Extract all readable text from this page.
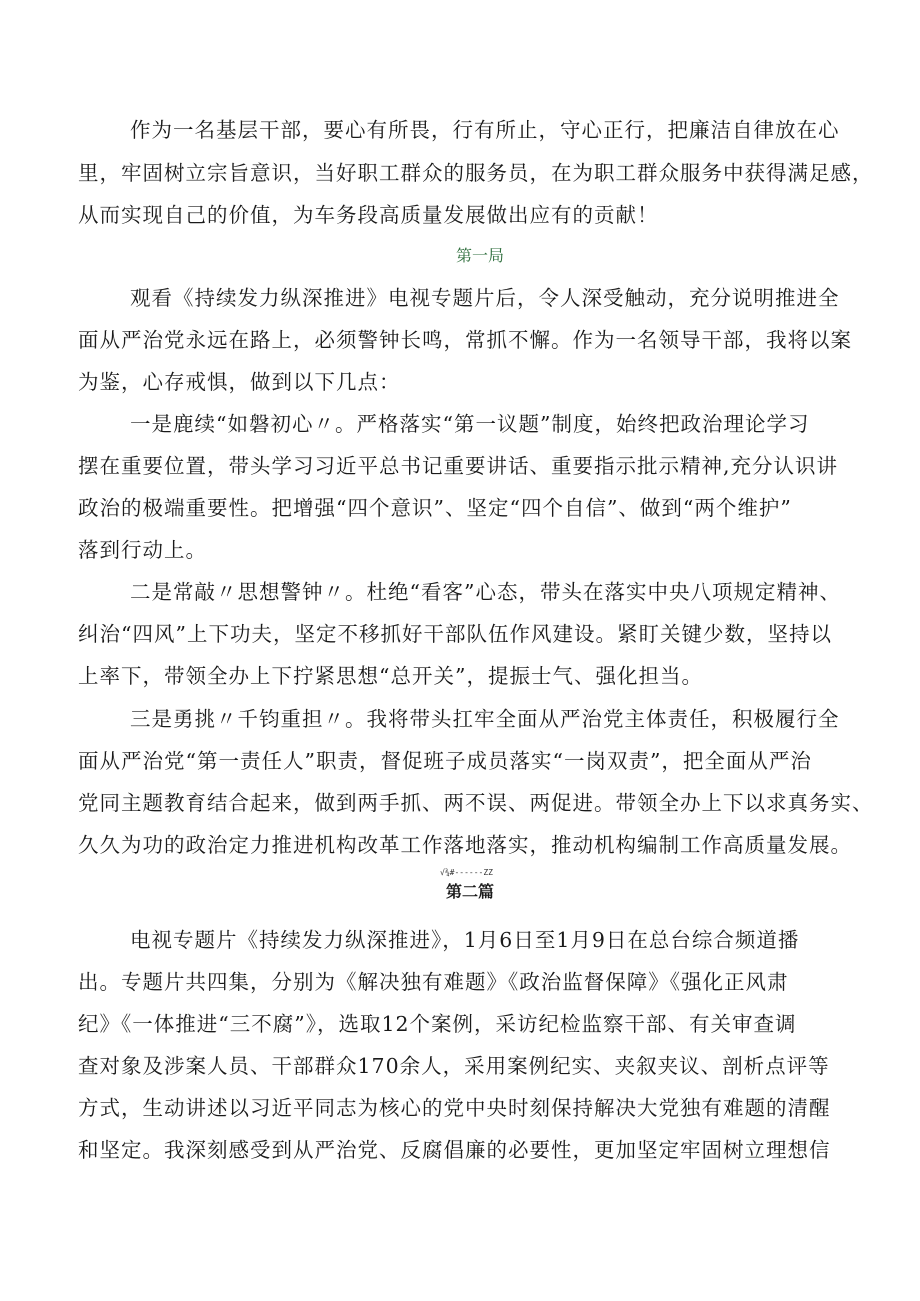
作为一名基层干部，要心有所畏，行有所止，守心正行，把廉洁自律放在心
里，牢固树立宗旨意识，当好职工群众的服务员，在为职工群众服务中获得满足感，
从而实现自己的价值，为车务段高质量发展做出应有的贡献！
第一局
观看《持续发力纵深推进》电视专题片后，令人深受触动，充分说明推进全
面从严治党永远在路上，必须警钟长鸣，常抓不懈。作为一名领导干部，我将以案
为鉴，心存戒惧，做到以下几点：
一是鹿续“如磐初心〃。严格落实“第一议题”制度，始终把政治理论学习
摆在重要位置，带头学习习近平总书记重要讲话、重要指示批示精神,充分认识讲
政治的极端重要性。把增强“四个意识”、坚定“四个自信”、做到“两个维护”
落到行动上。
二是常敲〃思想警钟〃。杜绝“看客”心态，带头在落实中央八项规定精神、
纠治“四风”上下功夫，坚定不移抓好干部队伍作风建设。紧盯关键少数，坚持以
上率下，带领全办上下拧紧思想“总开关”，提振士气、强化担当。
三是勇挑〃千钧重担〃。我将带头扛牢全面从严治党主体责任，积极履行全
面从严治党“第一责任人”职责，督促班子成员落实“一岗双责”，把全面从严治
党同主题教育结合起来，做到两手抓、两不误、两促进。带领全办上下以求真务实、
久久为功的政治定力推进机构改革工作落地落实，推动机构编制工作高质量发展。
√¾#------ZZ
第二篇
电视专题片《持续发力纵深推进》，1月6日至1月9日在总台综合频道播
出。专题片共四集，分别为《解决独有难题》《政治监督保障》《强化正风肃
纪》《一体推进“三不腐”》，选取12个案例，采访纪检监察干部、有关审查调
查对象及涉案人员、干部群众170余人，采用案例纪实、夹叙夹议、剖析点评等
方式，生动讲述以习近平同志为核心的党中央时刻保持解决大党独有难题的清醒
和坚定。我深刻感受到从严治党、反腐倡廉的必要性，更加坚定牢固树立理想信
